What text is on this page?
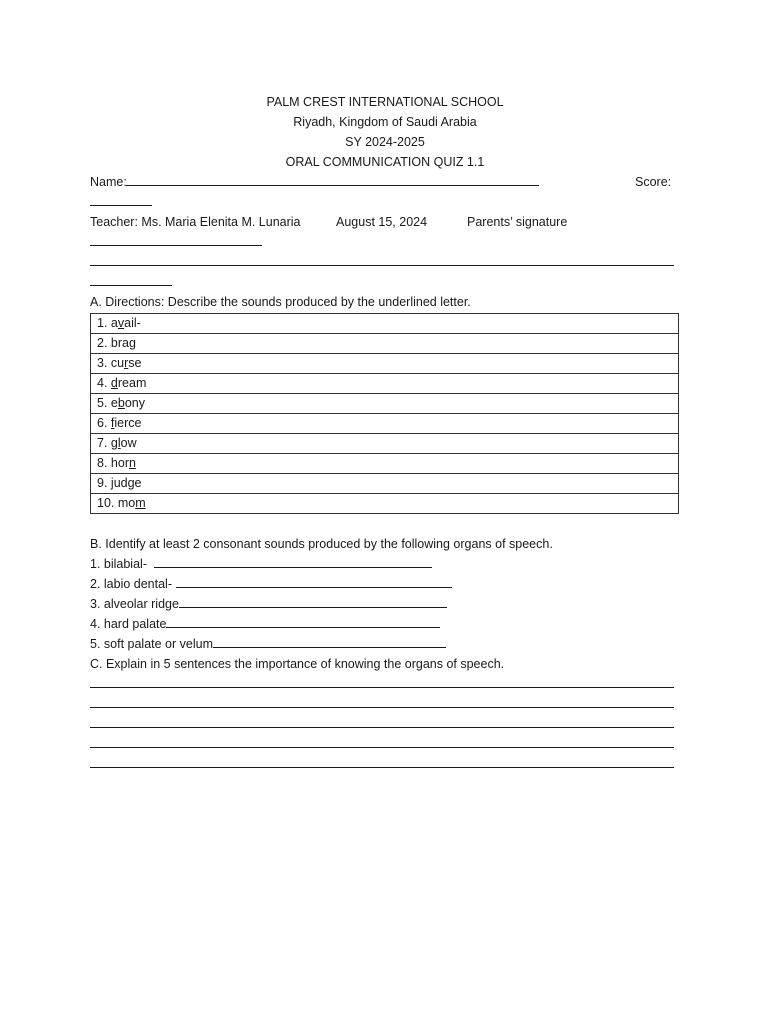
PALM CREST INTERNATIONAL SCHOOL
Riyadh, Kingdom of Saudi Arabia
SY 2024-2025
ORAL COMMUNICATION QUIZ 1.1
Name:	Score:
Teacher: Ms. Maria Elenita M. Lunaria	August 15, 2024	Parents’ signature
A. Directions: Describe the sounds produced by the underlined letter.
1. avail-
2. brag
3. curse
4. dream
5. ebony
6. fierce
7. glow
8. horn
9. judge
10. mom
B. Identify at least 2 consonant sounds produced by the following organs of speech.
1. bilabial-
2. labio dental-
3. alveolar ridge
4. hard palate
5. soft palate or velum
C. Explain in 5 sentences the importance of knowing the organs of speech.
